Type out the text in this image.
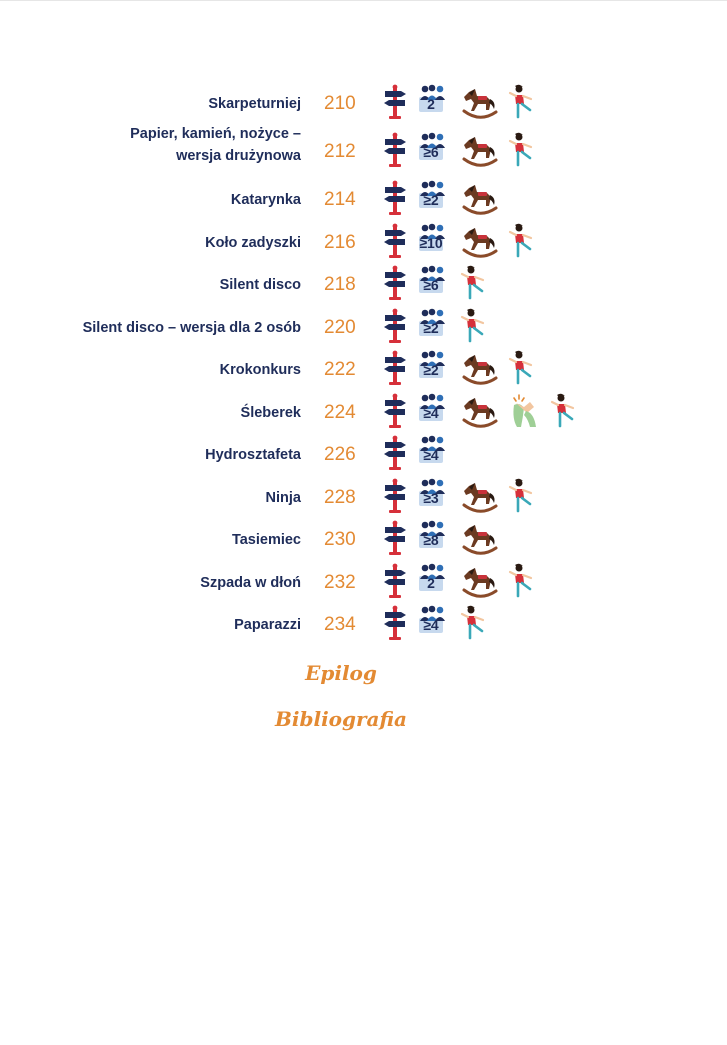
Skarpeturniej 210	2
Papier, kamień, nożyce –
wersja drużynowa 212	≥6
Katarynka 214	≥2
Koło zadyszki 216	≥10
Silent disco 218	≥6
Silent disco – wersja dla 2 osób 220	≥2
Krokonkurs 222	≥2
Śleberek 224	≥4
Hydrosztafeta 226	≥4
Ninja 228	≥3
Tasiemiec 230	≥8
Szpada w dłoń 232	2
Paparazzi 234	≥4
Epilog
Bibliografia
